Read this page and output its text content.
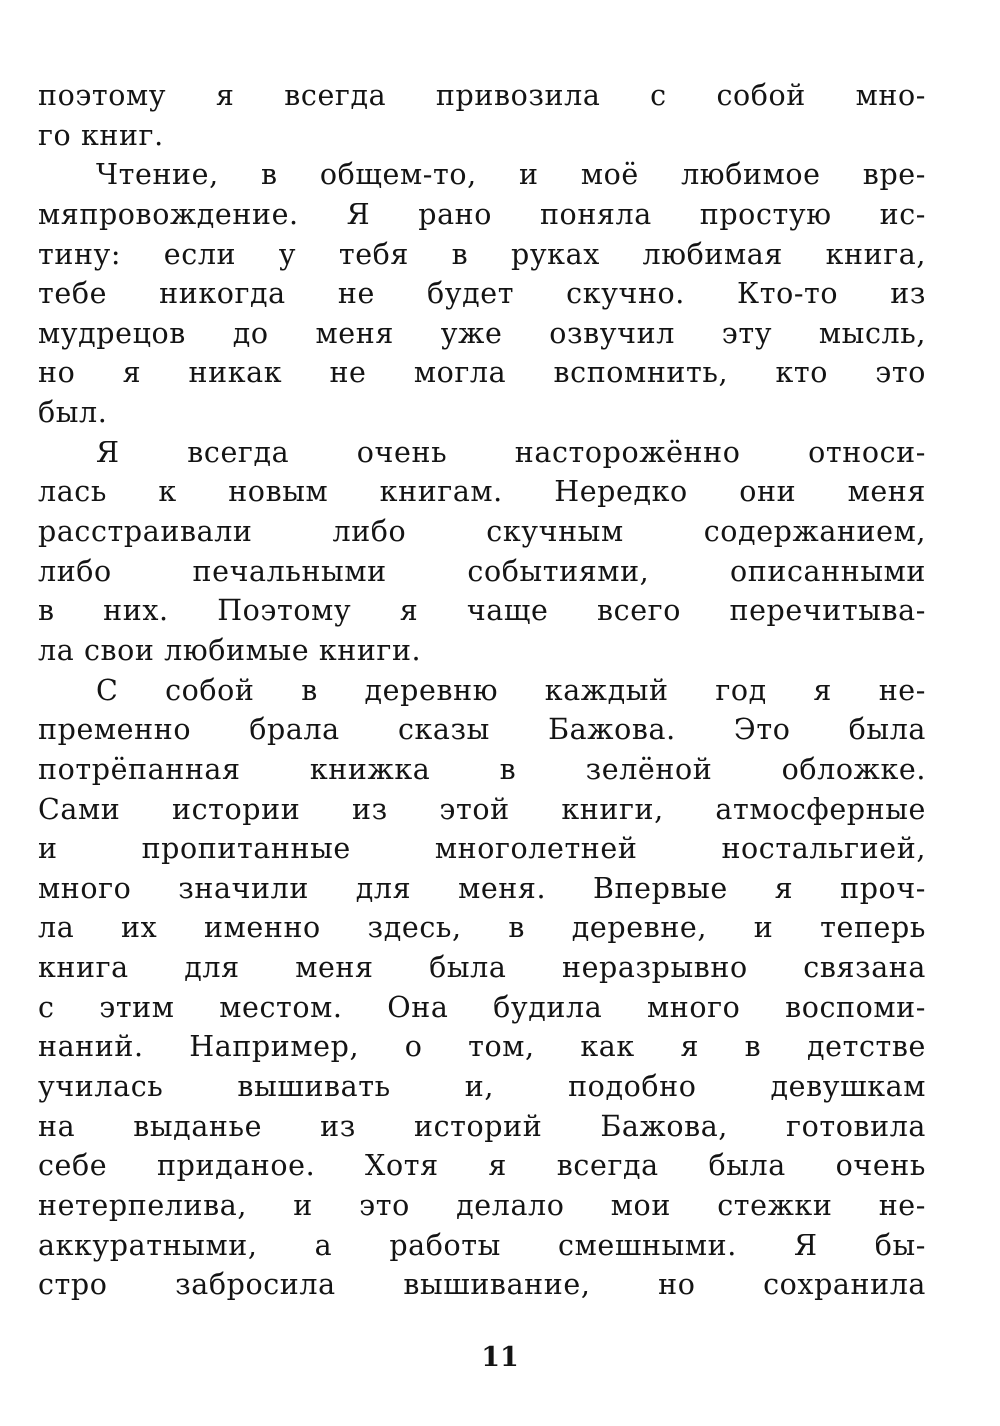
поэтому я всегда привозила с собой мно-
го книг.
Чтение, в общем-то, и моё любимое вре-
мяпровождение. Я рано поняла простую ис-
тину: если у тебя в руках любимая книга,
тебе никогда не будет скучно. Кто-то из
мудрецов до меня уже озвучил эту мысль,
но я никак не могла вспомнить, кто это
был.
Я всегда очень насторожённо относи-
лась к новым книгам. Нередко они меня
расстраивали либо скучным содержанием,
либо печальными событиями, описанными
в них. Поэтому я чаще всего перечитыва-
ла свои любимые книги.
С собой в деревню каждый год я не-
пременно брала сказы Бажова. Это была
потрёпанная книжка в зелёной обложке.
Сами истории из этой книги, атмосферные
и пропитанные многолетней ностальгией,
много значили для меня. Впервые я проч-
ла их именно здесь, в деревне, и теперь
книга для меня была неразрывно связана
с этим местом. Она будила много воспоми-
наний. Например, о том, как я в детстве
училась вышивать и, подобно девушкам
на выданье из историй Бажова, готовила
себе приданое. Хотя я всегда была очень
нетерпелива, и это делало мои стежки не-
аккуратными, а работы смешными. Я бы-
стро забросила вышивание, но сохранила
11
